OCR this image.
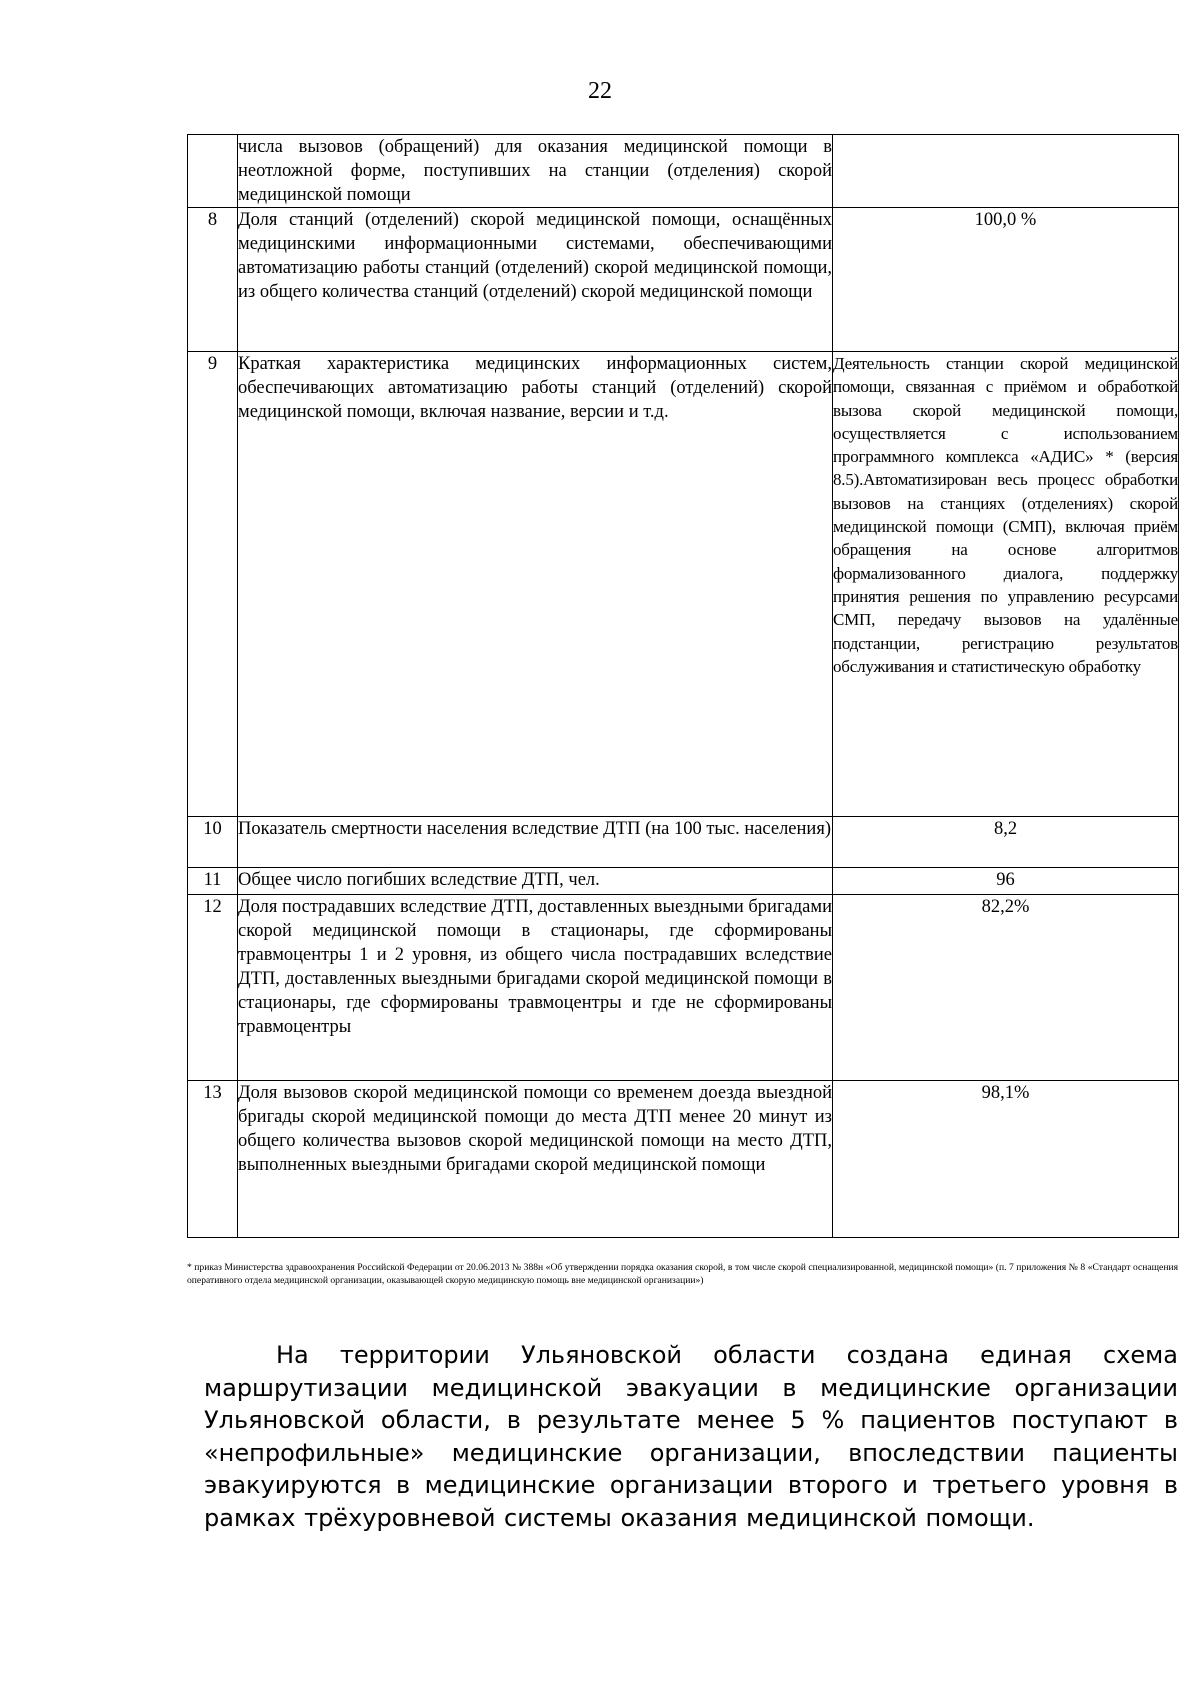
22
	числа вызовов (обращений) для оказания медицинской помощи в неотложной форме, поступивших на станции (отделения) скорой медицинской помощи	
8	Доля станций (отделений) скорой медицинской помощи, оснащённых медицинскими информационными системами, обеспечивающими автоматизацию работы станций (отделений) скорой медицинской помощи, из общего количества станций (отделений) скорой медицинской помощи	100,0 %
9	Краткая характеристика медицинских информационных систем, обеспечивающих автоматизацию работы станций (отделений) скорой медицинской помощи, включая название, версии и т.д.	Деятельность станции скорой медицинской помощи, связанная с приёмом и обработкой вызова скорой медицинской помощи, осуществляется с использованием программного комплекса «АДИС» * (версия 8.5).Автоматизирован весь процесс обработки вызовов на станциях (отделениях) скорой медицинской помощи (СМП), включая приём обращения на основе алгоритмов формализованного диалога, поддержку принятия решения по управлению ресурсами СМП, передачу вызовов на удалённые подстанции, регистрацию результатов обслуживания и статистическую обработку
10	Показатель смертности населения вследствие ДТП (на 100 тыс. населения)	8,2
11	Общее число погибших вследствие ДТП, чел.	96
12	Доля пострадавших вследствие ДТП, доставленных выездными бригадами скорой медицинской помощи в стационары, где сформированы травмоцентры 1 и 2 уровня, из общего числа пострадавших вследствие ДТП, доставленных выездными бригадами скорой медицинской помощи в стационары, где сформированы травмоцентры и где не сформированы травмоцентры	82,2%
13	Доля вызовов скорой медицинской помощи со временем доезда выездной бригады скорой медицинской помощи до места ДТП менее 20 минут из общего количества вызовов скорой медицинской помощи на место ДТП, выполненных выездными бригадами скорой медицинской помощи	98,1%
* приказ Министерства здравоохранения Российской Федерации от 20.06.2013 № 388н «Об утверждении порядка оказания скорой, в том числе скорой специализированной, медицинской помощи» (п. 7 приложения № 8 «Стандарт оснащения оперативного отдела медицинской организации, оказывающей скорую медицинскую помощь вне медицинской организации»)
На территории Ульяновской области создана единая схема маршрутизации медицинской эвакуации в медицинские организации Ульяновской области, в результате менее 5 % пациентов поступают в «непрофильные» медицинские организации, впоследствии пациенты эвакуируются в медицинские организации второго и третьего уровня в рамках трёхуровневой системы оказания медицинской помощи.
